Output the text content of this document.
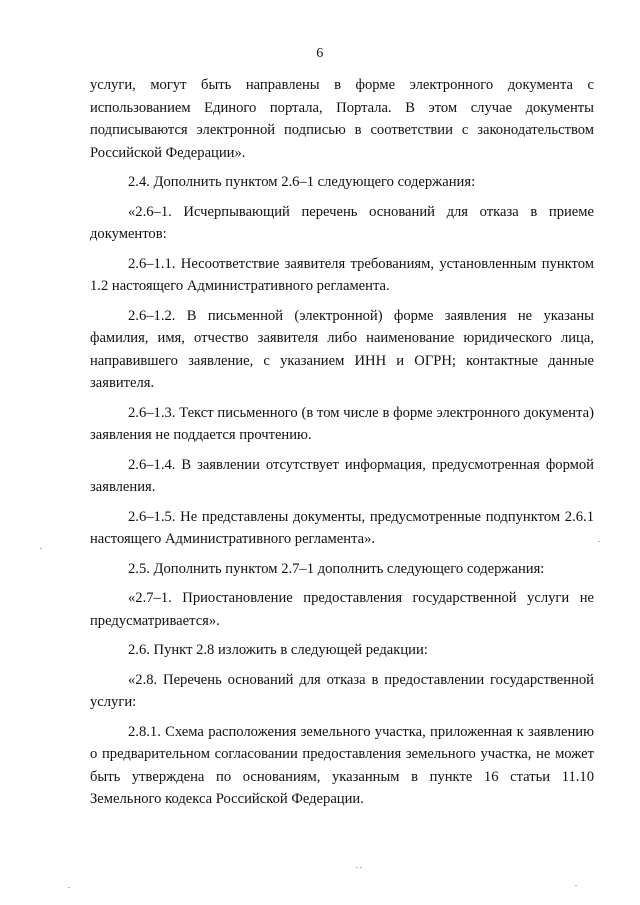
6

услуги, могут быть направлены в форме электронного документа с использованием Единого портала, Портала. В этом случае документы подписываются электронной подписью в соответствии с законодательством Российской Федерации».

2.4. Дополнить пунктом 2.6–1 следующего содержания:

«2.6–1. Исчерпывающий перечень оснований для отказа в приеме документов:

2.6–1.1. Несоответствие заявителя требованиям, установленным пунктом 1.2 настоящего Административного регламента.

2.6–1.2. В письменной (электронной) форме заявления не указаны фамилия, имя, отчество заявителя либо наименование юридического лица, направившего заявление, с указанием ИНН и ОГРН; контактные данные заявителя.

2.6–1.3. Текст письменного (в том числе в форме электронного документа) заявления не поддается прочтению.

2.6–1.4. В заявлении отсутствует информация, предусмотренная формой заявления.

2.6–1.5. Не представлены документы, предусмотренные подпунктом 2.6.1 настоящего Административного регламента».

2.5. Дополнить пунктом 2.7–1 дополнить следующего содержания:

«2.7–1. Приостановление предоставления государственной услуги не предусматривается».

2.6. Пункт 2.8 изложить в следующей редакции:

«2.8. Перечень оснований для отказа в предоставлении государственной услуги:

2.8.1. Схема расположения земельного участка, приложенная к заявлению о предварительном согласовании предоставления земельного участка, не может быть утверждена по основаниям, указанным в пункте 16 статьи 11.10 Земельного кодекса Российской Федерации.
